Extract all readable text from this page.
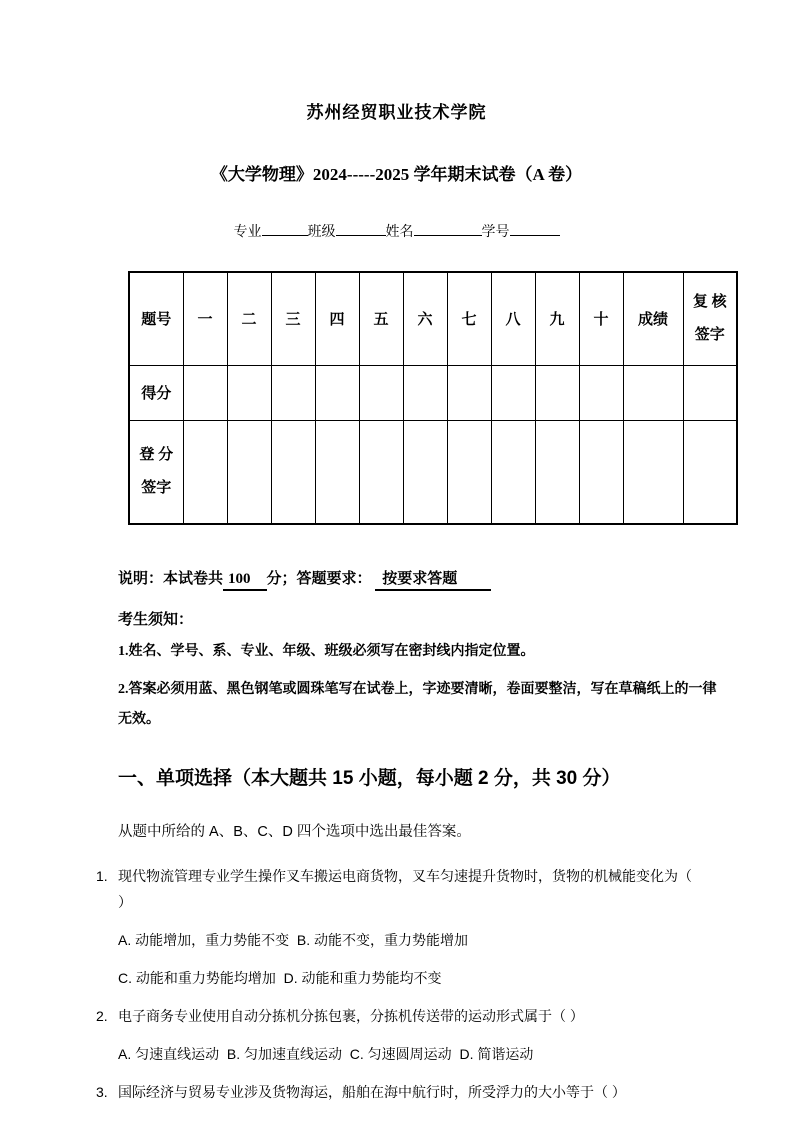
苏州经贸职业技术学院
《大学物理》2024-----2025 学年期末试卷（A 卷）
专业	班级	姓名	学号
题号	一	二	三	四	五	六	七	八	九	十	成绩	复 核
签字

得分												

登 分
签字												

说明：本试卷共 100 分；答题要求： 按要求答题
考生须知：
1.姓名、学号、系、专业、年级、班级必须写在密封线内指定位置。
2.答案必须用蓝、黑色钢笔或圆珠笔写在试卷上，字迹要清晰，卷面要整洁，写在草稿纸上的一律无效。
一、单项选择（本大题共 15 小题，每小题 2 分，共 30 分）
从题中所给的 A、B、C、D 四个选项中选出最佳答案。
1. 现代物流管理专业学生操作叉车搬运电商货物，叉车匀速提升货物时，货物的机械能变化为（ ）
A. 动能增加，重力势能不变  B. 动能不变，重力势能增加
C. 动能和重力势能均增加  D. 动能和重力势能均不变
2. 电子商务专业使用自动分拣机分拣包裹，分拣机传送带的运动形式属于（ ）
A. 匀速直线运动  B. 匀加速直线运动  C. 匀速圆周运动  D. 简谐运动
3. 国际经济与贸易专业涉及货物海运，船舶在海中航行时，所受浮力的大小等于（ ）
